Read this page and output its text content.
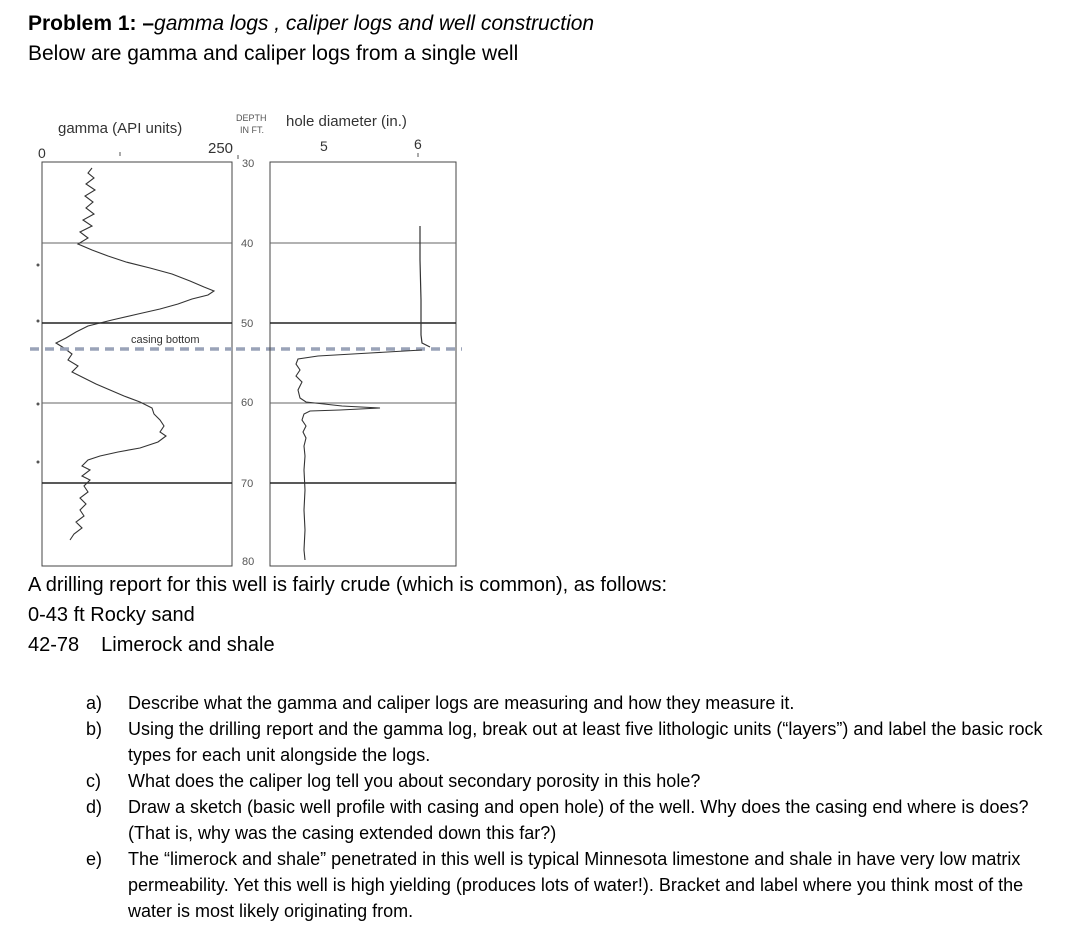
Problem 1: –gamma logs , caliper logs and well construction
Below are gamma and caliper logs from a single well
gamma (API units)
0	250
DEPTH
IN FT. hole diameter (in.)
5	6
casing bottom
30
40
50
60
70
80
A drilling report for this well is fairly crude (which is common), as follows:
0-43 ft Rocky sand
42-78 Limerock and shale
a)	Describe what the gamma and caliper logs are measuring and how they measure it.
b)	Using the drilling report and the gamma log, break out at least five lithologic units (“layers”) and label the basic rock types for each unit alongside the logs.
c)	What does the caliper log tell you about secondary porosity in this hole?
d)	Draw a sketch (basic well profile with casing and open hole) of the well. Why does the casing end where is does? (That is, why was the casing extended down this far?)
e)	The “limerock and shale” penetrated in this well is typical Minnesota limestone and shale in have very low matrix permeability. Yet this well is high yielding (produces lots of water!). Bracket and label where you think most of the water is most likely originating from.
